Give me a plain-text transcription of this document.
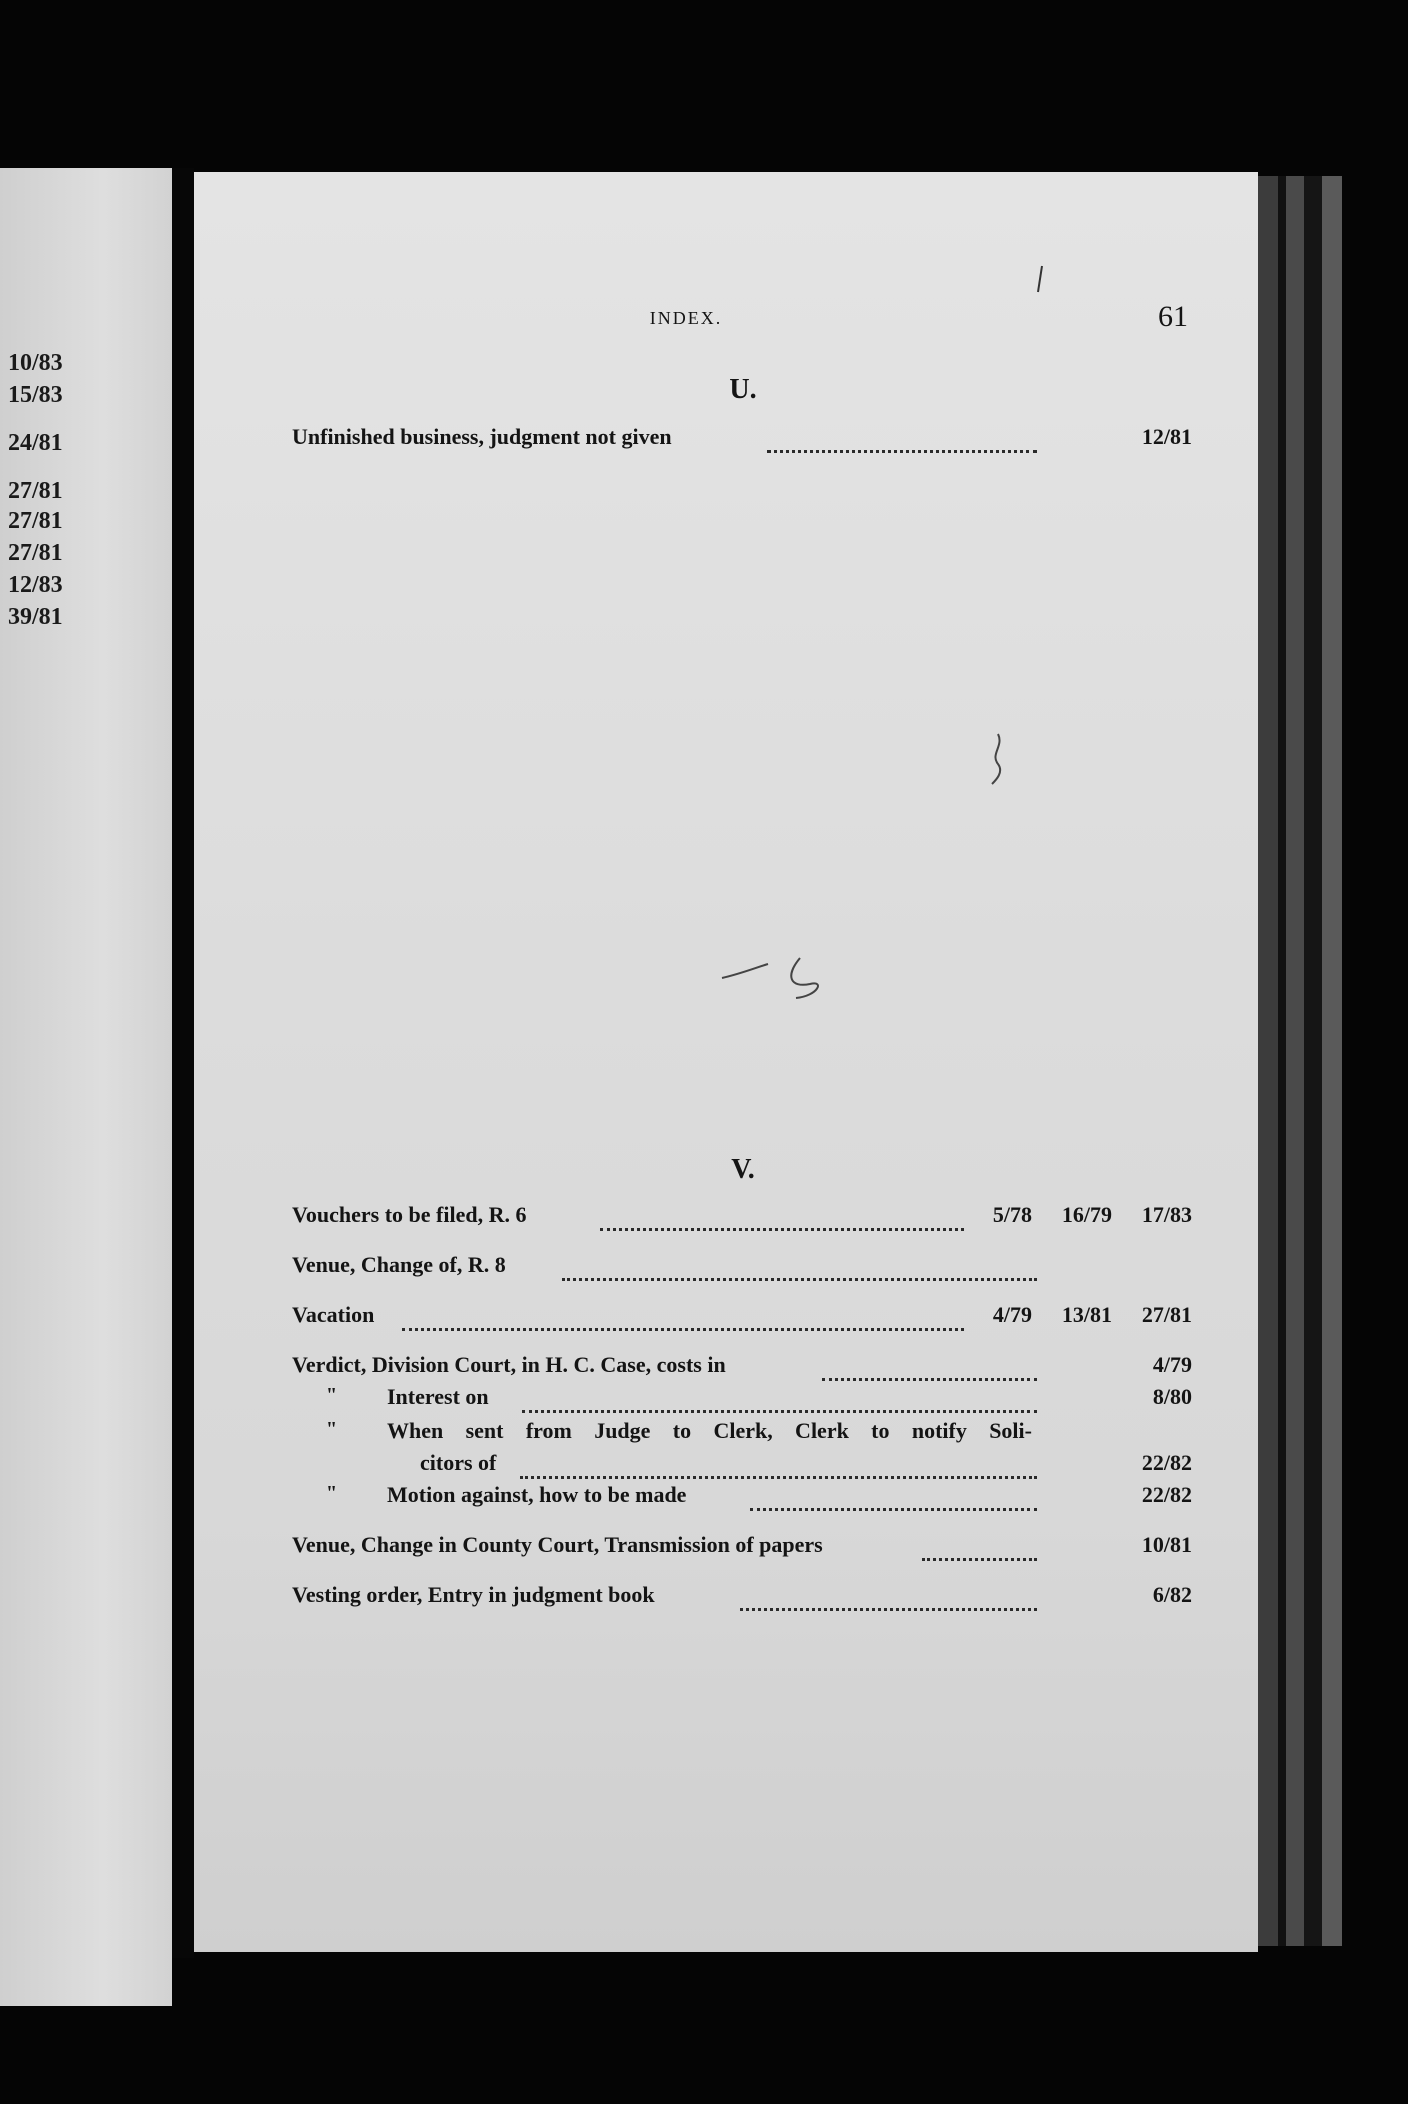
10/83
15/83
24/81
27/81
27/81
27/81
12/83
39/81
INDEX.	61
U.
Unfinished business, judgment not given	12/81
V.
Vouchers to be filed, R. 6	5/78	16/79	17/83
Venue, Change of, R. 8
Vacation	4/79	13/81	27/81
Verdict, Division Court, in H. C. Case, costs in	4/79
" Interest on	8/80
" When sent from Judge to Clerk, Clerk to notify Soli-
citors of	22/82
" Motion against, how to be made	22/82
Venue, Change in County Court, Transmission of papers	10/81
Vesting order, Entry in judgment book	6/82
